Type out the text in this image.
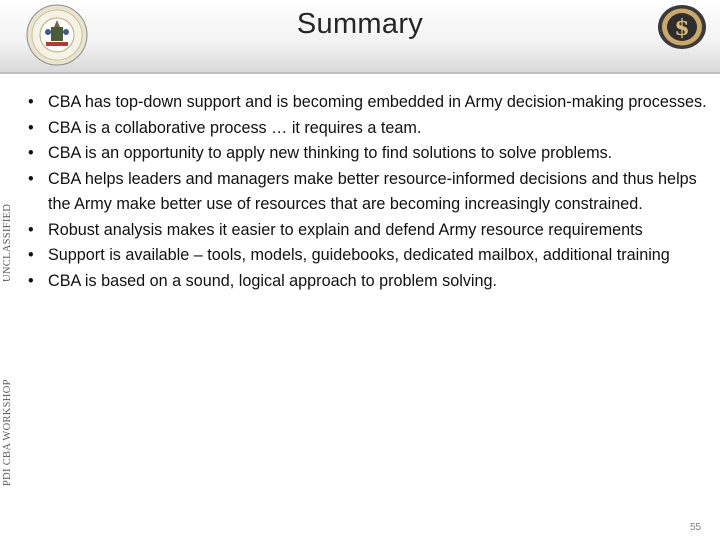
Summary	$
PDI CBA WORKSHOP
UNCLASSIFIED
• CBA has top-down support and is becoming embedded in Army decision-making processes.
• CBA is a collaborative process … it requires a team.
• CBA is an opportunity to apply new thinking to find solutions to solve problems.
• CBA helps leaders and managers make better resource-informed decisions and thus helps the Army make better use of resources that are becoming increasingly constrained.
• Robust analysis makes it easier to explain and defend Army resource requirements
• Support is available – tools, models, guidebooks, dedicated mailbox, additional training
• CBA is based on a sound, logical approach to problem solving.
55
